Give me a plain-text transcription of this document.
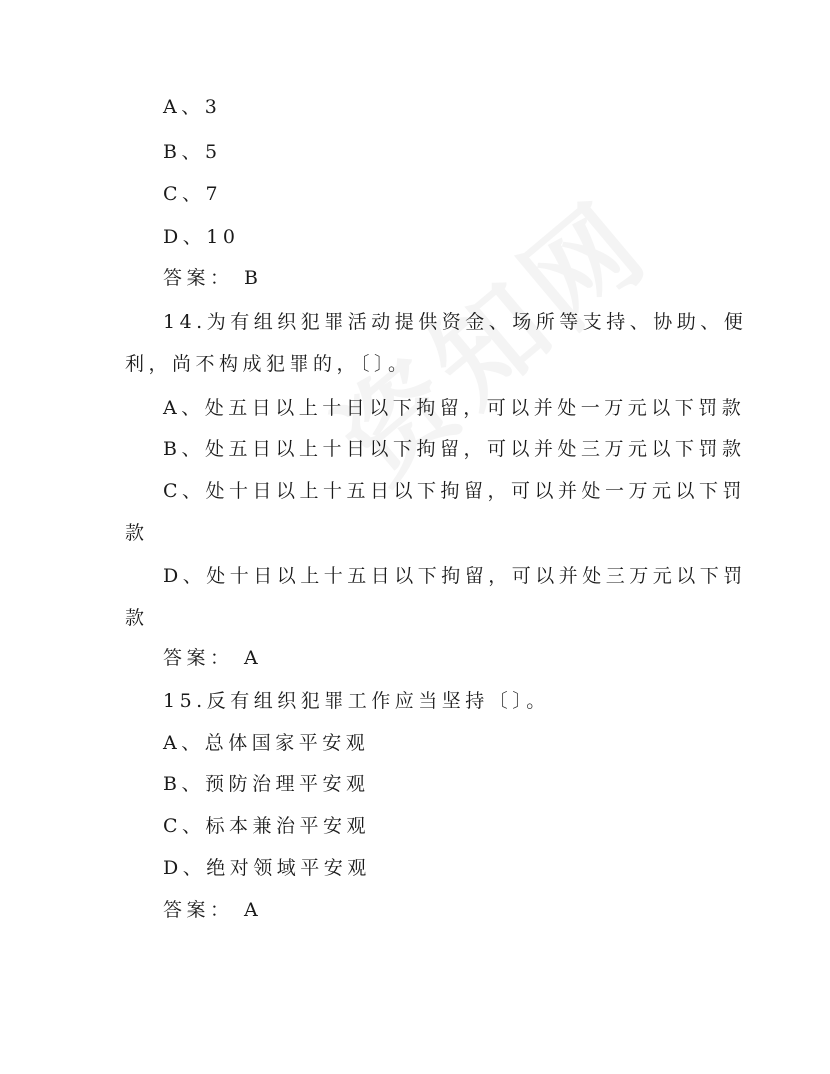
A、3
B、5
C、7
D、10
答案： B
14.为有组织犯罪活动提供资金、场所等支持、协助、便
利，尚不构成犯罪的，〔〕。
A、处五日以上十日以下拘留，可以并处一万元以下罚款
B、处五日以上十日以下拘留，可以并处三万元以下罚款
C、处十日以上十五日以下拘留，可以并处一万元以下罚
款
D、处十日以上十五日以下拘留，可以并处三万元以下罚
款
答案： A
15.反有组织犯罪工作应当坚持〔〕。
A、总体国家平安观
B、预防治理平安观
C、标本兼治平安观
D、绝对领域平安观
答案： A
